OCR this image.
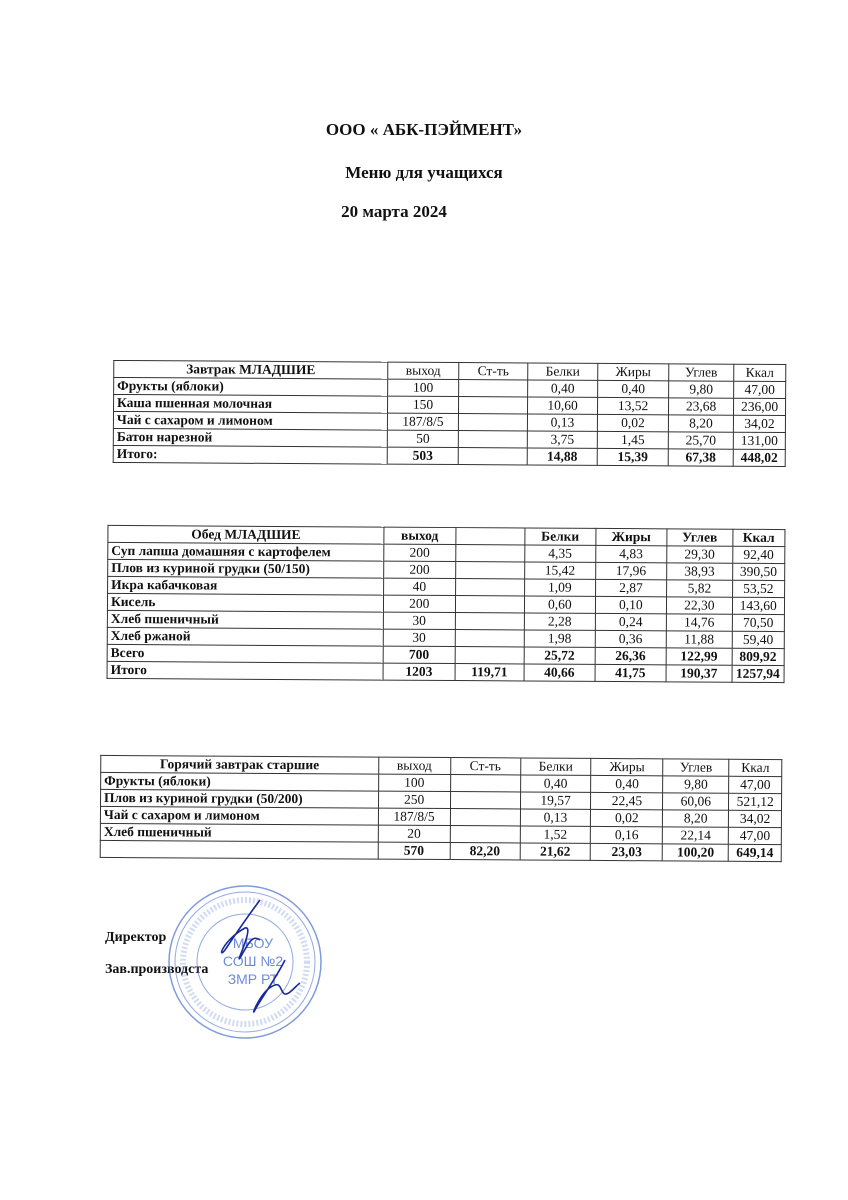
ООО « АБК-ПЭЙМЕНТ»
Меню для учащихся
20 марта 2024
Завтрак МЛАДШИЕ	выход	Ст-ть	Белки	Жиры	Углев	Ккал
Фрукты (яблоки)	100		0,40	0,40	9,80	47,00
Каша пшенная молочная	150		10,60	13,52	23,68	236,00
Чай с сахаром и лимоном	187/8/5		0,13	0,02	8,20	34,02
Батон нарезной	50		3,75	1,45	25,70	131,00
Итого:	503		14,88	15,39	67,38	448,02
Обед МЛАДШИЕ	выход		Белки	Жиры	Углев	Ккал
Суп лапша домашняя с картофелем	200		4,35	4,83	29,30	92,40
Плов из куриной грудки (50/150)	200		15,42	17,96	38,93	390,50
Икра кабачковая	40		1,09	2,87	5,82	53,52
Кисель	200		0,60	0,10	22,30	143,60
Хлеб пшеничный	30		2,28	0,24	14,76	70,50
Хлеб ржаной	30		1,98	0,36	11,88	59,40
Всего	700		25,72	26,36	122,99	809,92
Итого	1203	119,71	40,66	41,75	190,37	1257,94
Горячий завтрак старшие	выход	Ст-ть	Белки	Жиры	Углев	Ккал
Фрукты (яблоки)	100		0,40	0,40	9,80	47,00
Плов из куриной грудки (50/200)	250		19,57	22,45	60,06	521,12
Чай с сахаром и лимоном	187/8/5		0,13	0,02	8,20	34,02
Хлеб пшеничный	20		1,52	0,16	22,14	47,00
	570	82,20	21,62	23,03	100,20	649,14
Директор
Зав.производста
МБОУ
СОШ №2
ЗМР РТ
